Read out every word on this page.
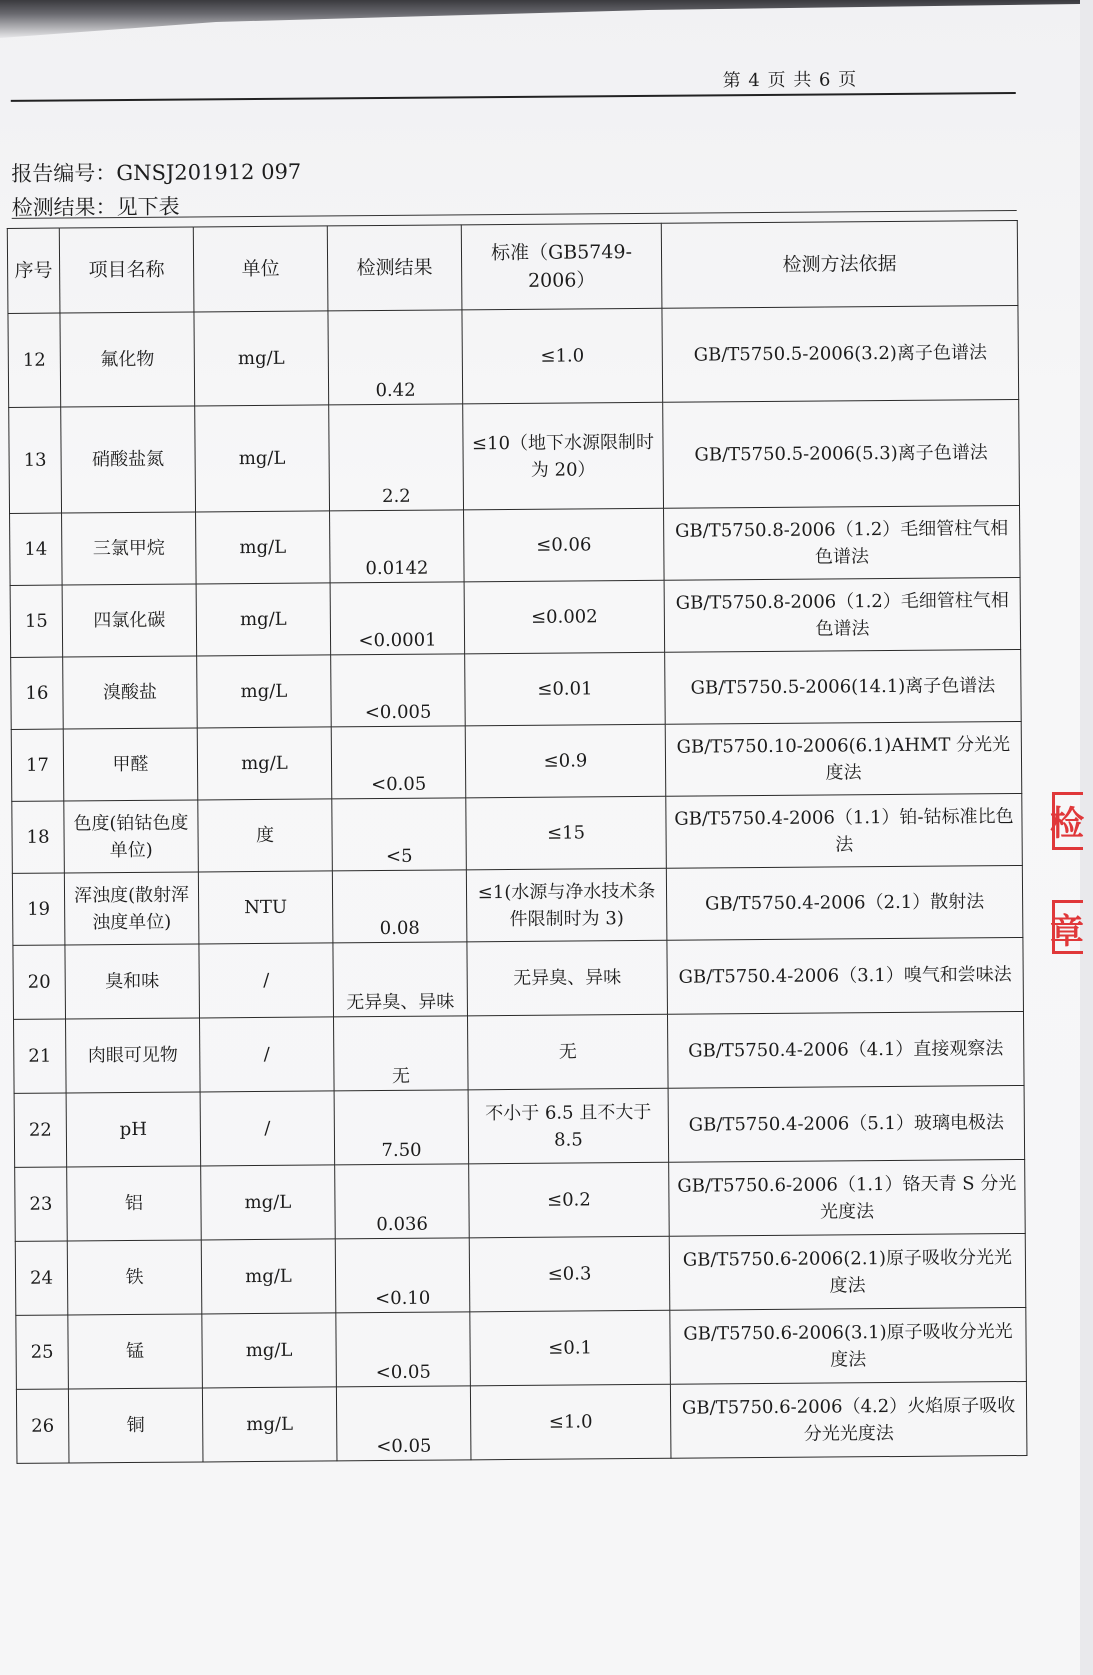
第 4 页 共 6 页
报告编号：GNSJ201912 097
检测结果：见下表
序号	项目名称	单位	检测结果	标准（GB5749-2006）	检测方法依据
12	氟化物	mg/L	0.42	≤1.0	GB/T5750.5-2006(3.2)离子色谱法
13	硝酸盐氮	mg/L	2.2	≤10（地下水源限制时为 20）	GB/T5750.5-2006(5.3)离子色谱法
14	三氯甲烷	mg/L	0.0142	≤0.06	GB/T5750.8-2006（1.2）毛细管柱气相色谱法
15	四氯化碳	mg/L	<0.0001	≤0.002	GB/T5750.8-2006（1.2）毛细管柱气相色谱法
16	溴酸盐	mg/L	<0.005	≤0.01	GB/T5750.5-2006(14.1)离子色谱法
17	甲醛	mg/L	<0.05	≤0.9	GB/T5750.10-2006(6.1)AHMT 分光光度法
18	色度(铂钴色度单位)	度	<5	≤15	GB/T5750.4-2006（1.1）铂-钴标准比色法
19	浑浊度(散射浑浊度单位)	NTU	0.08	≤1(水源与净水技术条件限制时为 3)	GB/T5750.4-2006（2.1）散射法
20	臭和味	/	无异臭、异味	无异臭、异味	GB/T5750.4-2006（3.1）嗅气和尝味法
21	肉眼可见物	/	无	无	GB/T5750.4-2006（4.1）直接观察法
22	pH	/	7.50	不小于 6.5 且不大于 8.5	GB/T5750.4-2006（5.1）玻璃电极法
23	铝	mg/L	0.036	≤0.2	GB/T5750.6-2006（1.1）铬天青 S 分光光度法
24	铁	mg/L	<0.10	≤0.3	GB/T5750.6-2006(2.1)原子吸收分光光度法
25	锰	mg/L	<0.05	≤0.1	GB/T5750.6-2006(3.1)原子吸收分光光度法
26	铜	mg/L	<0.05	≤1.0	GB/T5750.6-2006（4.2）火焰原子吸收分光光度法
检
章
